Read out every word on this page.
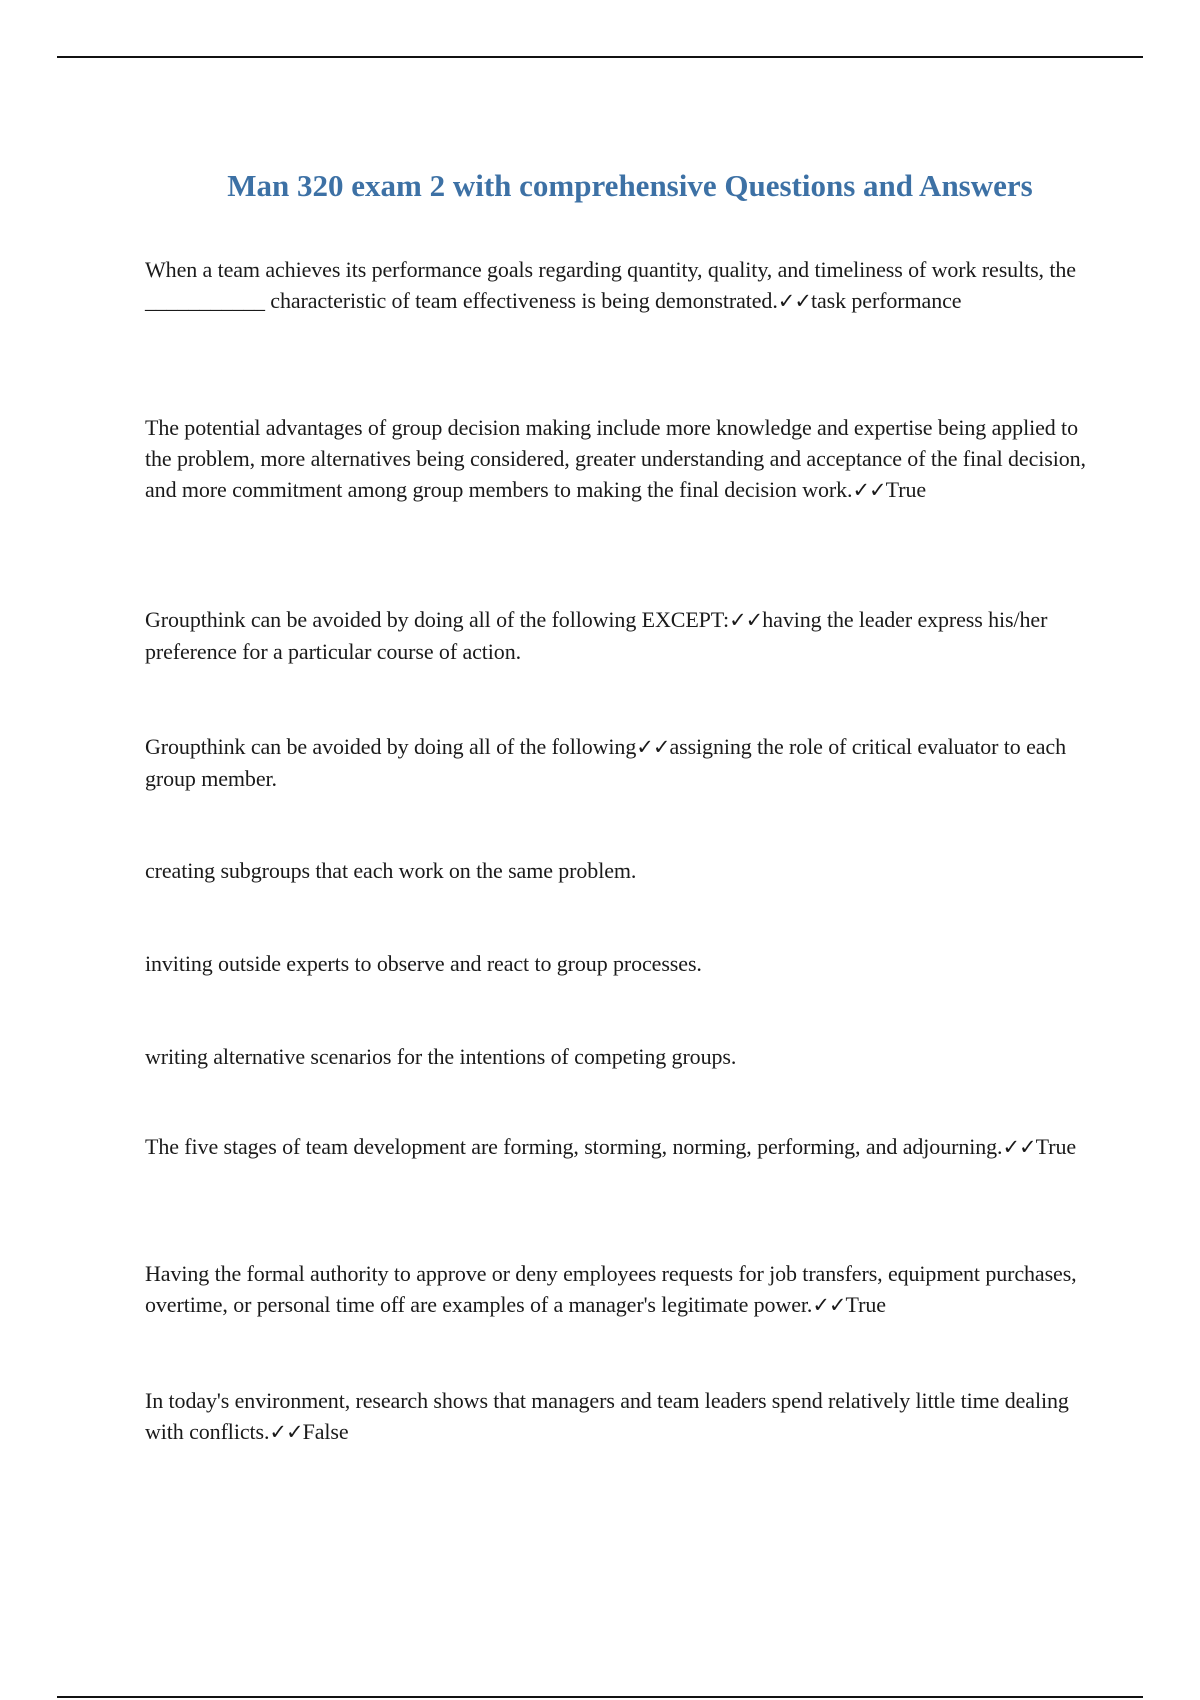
Man 320 exam 2 with comprehensive Questions and Answers

When a team achieves its performance goals regarding quantity, quality, and timeliness of work results, the ___________ characteristic of team effectiveness is being demonstrated.✓✓task performance

The potential advantages of group decision making include more knowledge and expertise being applied to the problem, more alternatives being considered, greater understanding and acceptance of the final decision, and more commitment among group members to making the final decision work.✓✓True

Groupthink can be avoided by doing all of the following EXCEPT:✓✓having the leader express his/her preference for a particular course of action.

Groupthink can be avoided by doing all of the following✓✓assigning the role of critical evaluator to each group member.

creating subgroups that each work on the same problem.

inviting outside experts to observe and react to group processes.

writing alternative scenarios for the intentions of competing groups.

The five stages of team development are forming, storming, norming, performing, and adjourning.✓✓True

Having the formal authority to approve or deny employees requests for job transfers, equipment purchases, overtime, or personal time off are examples of a manager's legitimate power.✓✓True

In today's environment, research shows that managers and team leaders spend relatively little time dealing with conflicts.✓✓False
